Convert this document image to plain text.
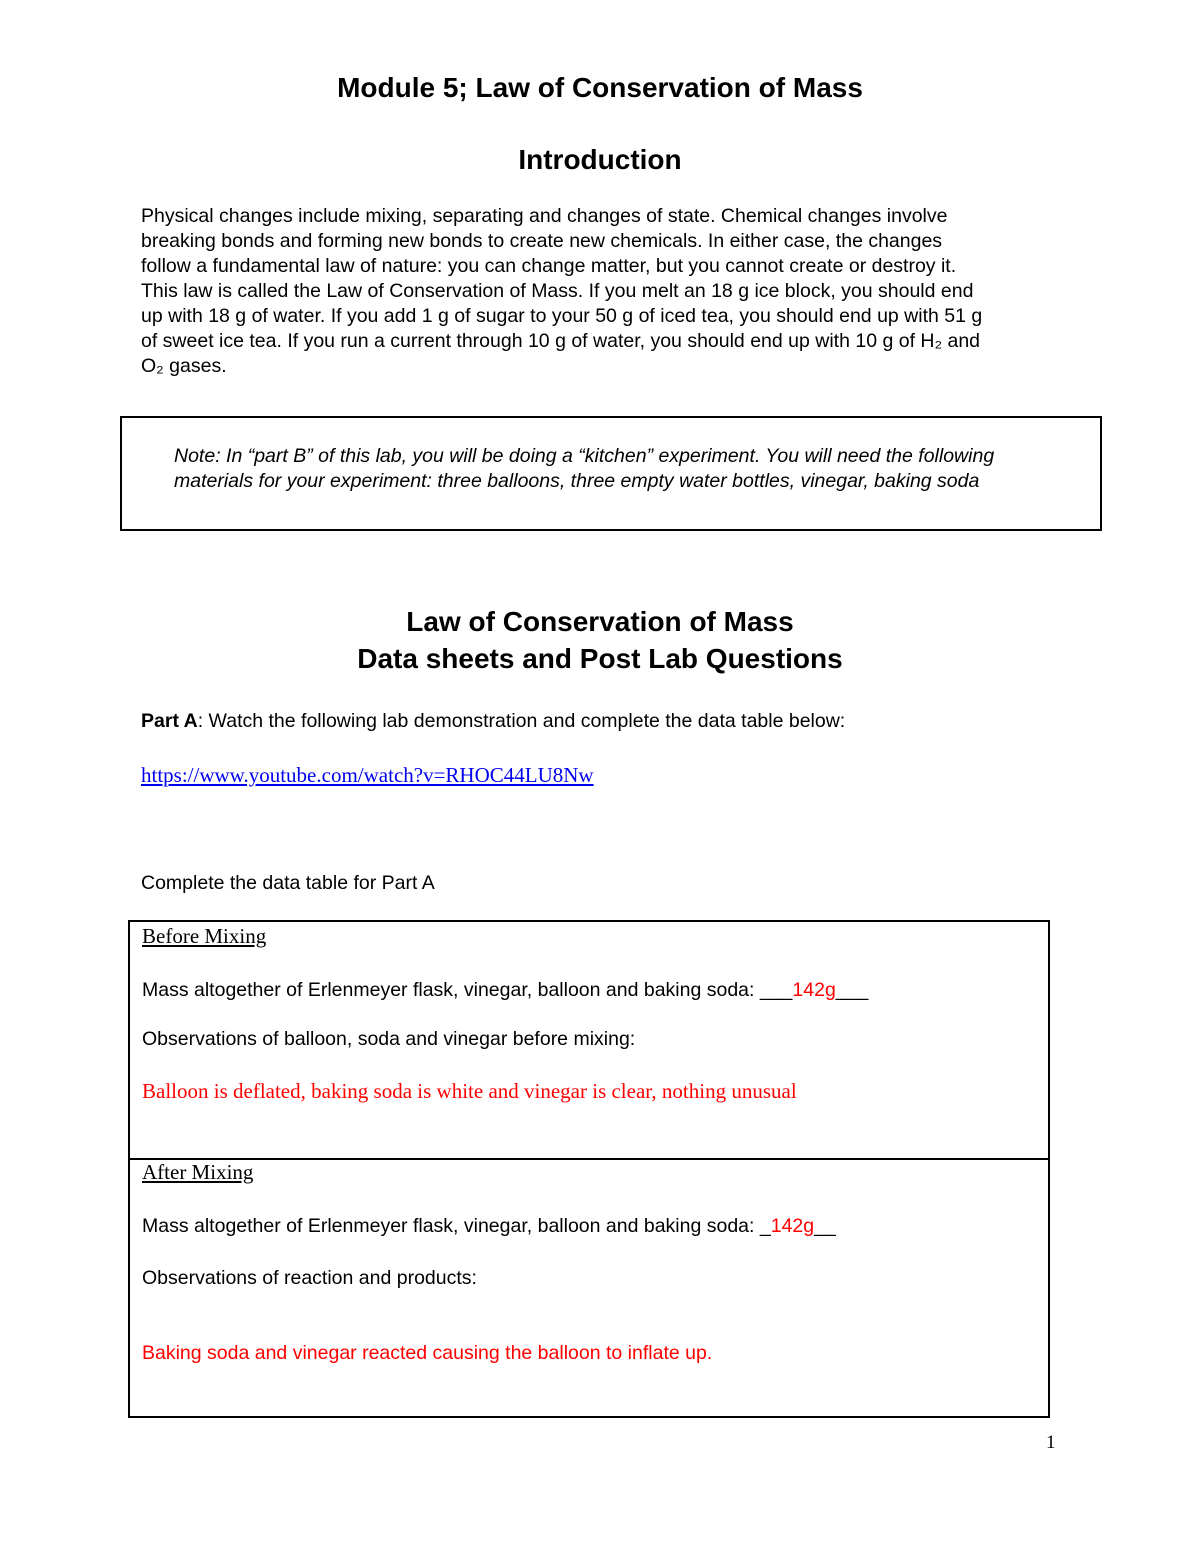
Module 5; Law of Conservation of Mass
Introduction

Physical changes include mixing, separating and changes of state. Chemical changes involve
breaking bonds and forming new bonds to create new chemicals. In either case, the changes
follow a fundamental law of nature: you can change matter, but you cannot create or destroy it.
This law is called the Law of Conservation of Mass. If you melt an 18 g ice block, you should end
up with 18 g of water. If you add 1 g of sugar to your 50 g of iced tea, you should end up with 51 g
of sweet ice tea. If you run a current through 10 g of water, you should end up with 10 g of H₂ and
O₂ gases.

Note: In “part B” of this lab, you will be doing a “kitchen” experiment. You will need the following
materials for your experiment: three balloons, three empty water bottles, vinegar, baking soda

Law of Conservation of Mass
Data sheets and Post Lab Questions

Part A: Watch the following lab demonstration and complete the data table below:

https://www.youtube.com/watch?v=RHOC44LU8Nw

Complete the data table for Part A

Before Mixing

Mass altogether of Erlenmeyer flask, vinegar, balloon and baking soda: ___142g___

Observations of balloon, soda and vinegar before mixing:

Balloon is deflated, baking soda is white and vinegar is clear, nothing unusual

After Mixing

Mass altogether of Erlenmeyer flask, vinegar, balloon and baking soda: _142g__

Observations of reaction and products:

Baking soda and vinegar reacted causing the balloon to inflate up.

1
